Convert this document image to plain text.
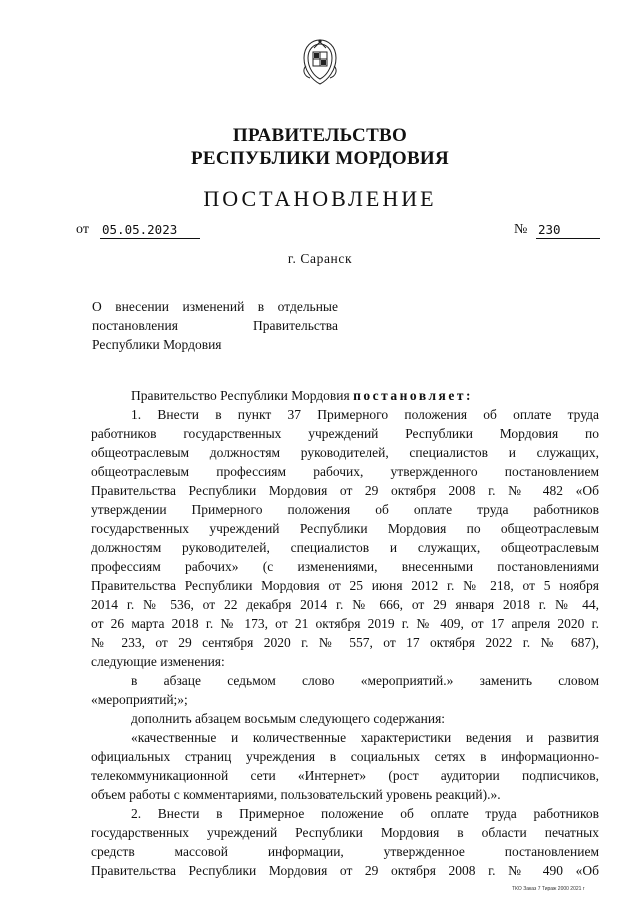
ПРАВИТЕЛЬСТВО
РЕСПУБЛИКИ МОРДОВИЯ
ПОСТАНОВЛЕНИЕ
от 05.05.2023	№ 230
г. Саранск
О внесении изменений в отдельные
постановления Правительства
Республики Мордовия
Правительство Республики Мордовия постановляет:
1. Внести в пункт 37 Примерного положения об оплате труда
работников государственных учреждений Республики Мордовия по
общеотраслевым должностям руководителей, специалистов и служащих,
общеотраслевым профессиям рабочих, утвержденного постановлением
Правительства Республики Мордовия от 29 октября 2008 г. № 482 «Об
утверждении Примерного положения об оплате труда работников
государственных учреждений Республики Мордовия по общеотраслевым
должностям руководителей, специалистов и служащих, общеотраслевым
профессиям рабочих» (с изменениями, внесенными постановлениями
Правительства Республики Мордовия от 25 июня 2012 г. № 218, от 5 ноября
2014 г. № 536, от 22 декабря 2014 г. № 666, от 29 января 2018 г. № 44,
от 26 марта 2018 г. № 173, от 21 октября 2019 г. № 409, от 17 апреля 2020 г.
№ 233, от 29 сентября 2020 г. № 557, от 17 октября 2022 г. № 687),
следующие изменения:
в абзаце седьмом слово «мероприятий.» заменить словом
«мероприятий;»;
дополнить абзацем восьмым следующего содержания:
«качественные и количественные характеристики ведения и развития
официальных страниц учреждения в социальных сетях в информационно-
телекоммуникационной сети «Интернет» (рост аудитории подписчиков,
объем работы с комментариями, пользовательский уровень реакций).».
2. Внести в Примерное положение об оплате труда работников
государственных учреждений Республики Мордовия в области печатных
средств массовой информации, утвержденное постановлением
Правительства Республики Мордовия от 29 октября 2008 г. № 490 «Об
ТКО Заказ 7 Тираж 2000 2021 г
